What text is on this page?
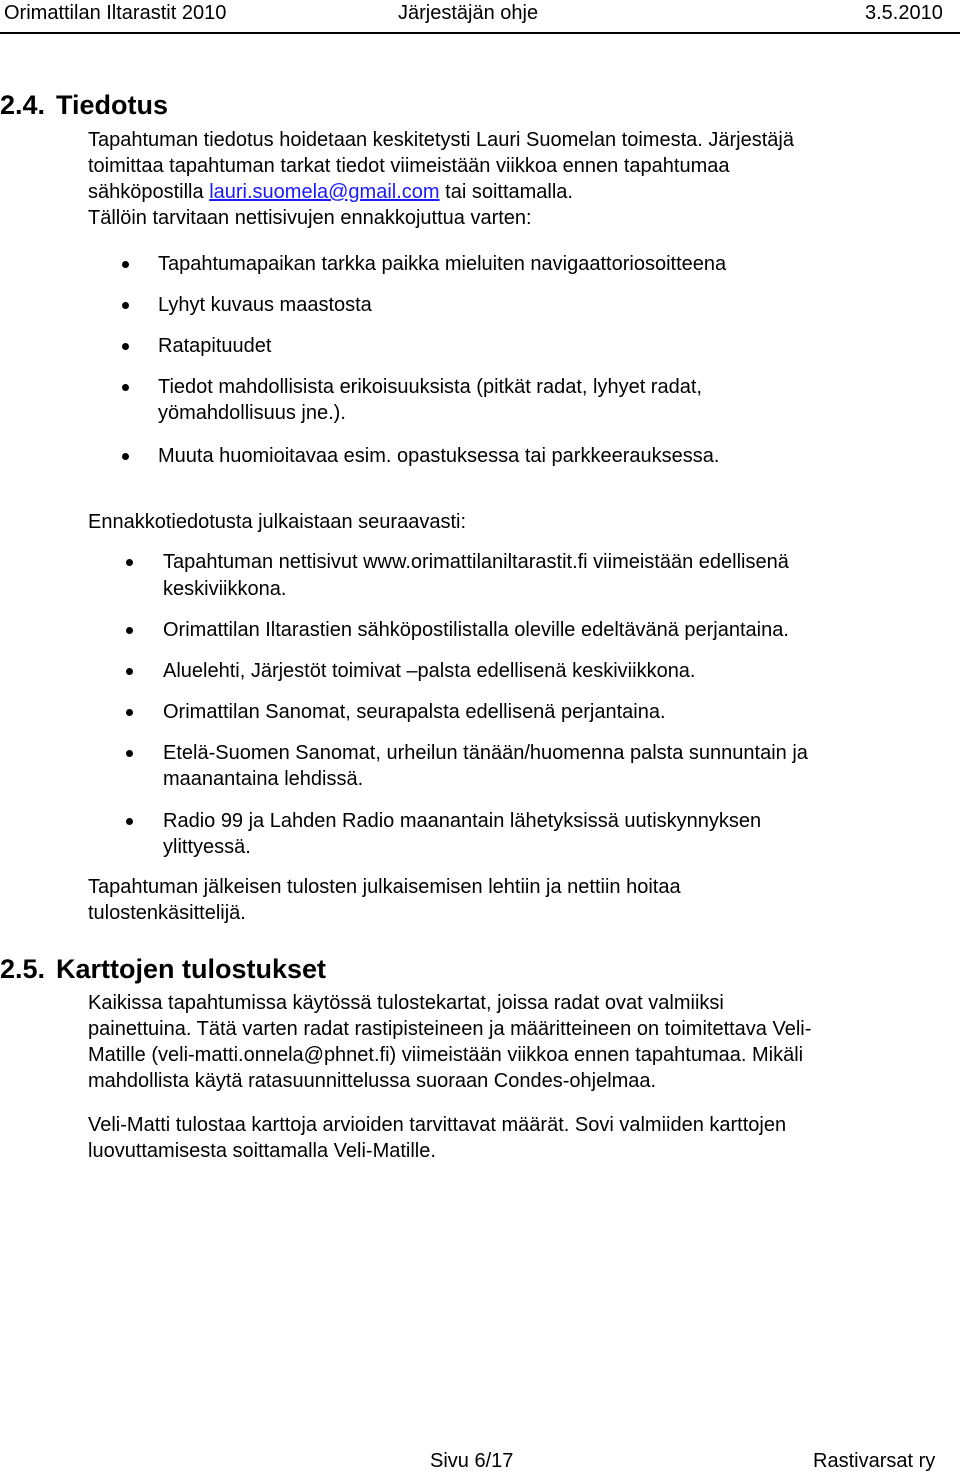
Orimattilan Iltarastit 2010	Järjestäjän ohje	3.5.2010
2.4. Tiedotus

Tapahtuman tiedotus hoidetaan keskitetysti Lauri Suomelan toimesta. Järjestäjä
toimittaa tapahtuman tarkat tiedot viimeistään viikkoa ennen tapahtumaa
sähköpostilla lauri.suomela@gmail.com tai soittamalla.
Tällöin tarvitaan nettisivujen ennakkojuttua varten:

Tapahtumapaikan tarkka paikka mieluiten navigaattoriosoitteena
Lyhyt kuvaus maastosta
Ratapituudet
Tiedot mahdollisista erikoisuuksista (pitkät radat, lyhyet radat,
yömahdollisuus jne.).
Muuta huomioitavaa esim. opastuksessa tai parkkeerauksessa.

Ennakkotiedotusta julkaistaan seuraavasti:

Tapahtuman nettisivut www.orimattilaniltarastit.fi viimeistään edellisenä
keskiviikkona.
Orimattilan Iltarastien sähköpostilistalla oleville edeltävänä perjantaina.
Aluelehti, Järjestöt toimivat –palsta edellisenä keskiviikkona.
Orimattilan Sanomat, seurapalsta edellisenä perjantaina.
Etelä-Suomen Sanomat, urheilun tänään/huomenna palsta sunnuntain ja
maanantaina lehdissä.
Radio 99 ja Lahden Radio maanantain lähetyksissä uutiskynnyksen
ylittyessä.

Tapahtuman jälkeisen tulosten julkaisemisen lehtiin ja nettiin hoitaa
tulostenkäsittelijä.

2.5. Karttojen tulostukset

Kaikissa tapahtumissa käytössä tulostekartat, joissa radat ovat valmiiksi
painettuina. Tätä varten radat rastipisteineen ja määritteineen on toimitettava Veli-
Matille (veli-matti.onnela@phnet.fi) viimeistään viikkoa ennen tapahtumaa. Mikäli
mahdollista käytä ratasuunnittelussa suoraan Condes-ohjelmaa.

Veli-Matti tulostaa karttoja arvioiden tarvittavat määrät. Sovi valmiiden karttojen
luovuttamisesta soittamalla Veli-Matille.

Sivu 6/17	Rastivarsat ry
